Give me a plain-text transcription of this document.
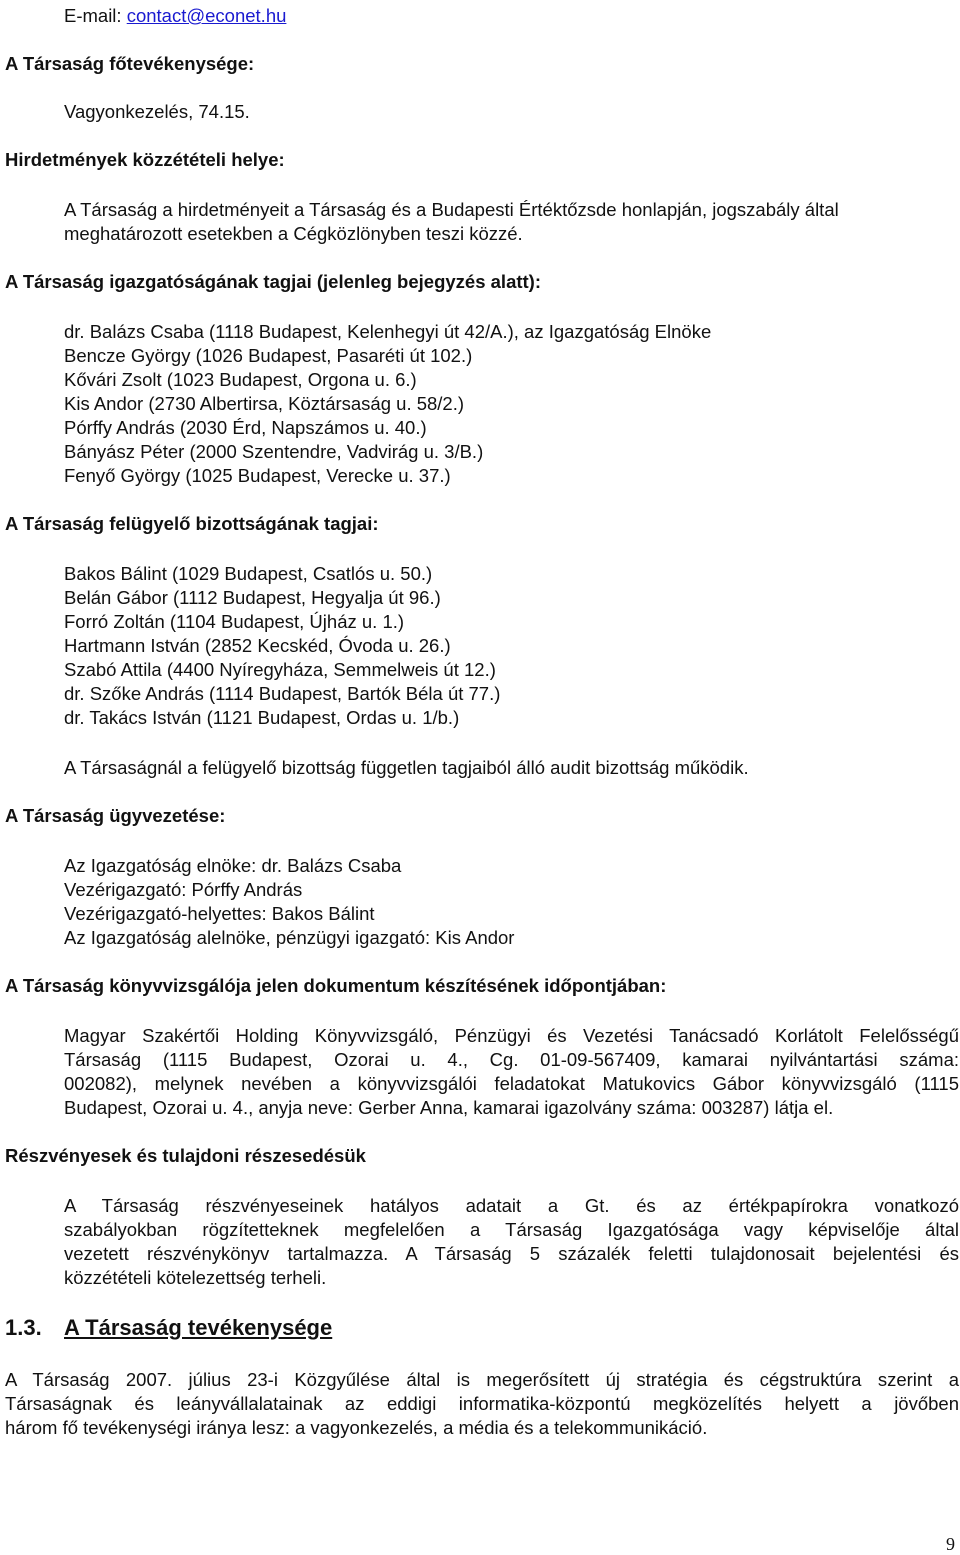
E-mail: contact@econet.hu
A Társaság főtevékenysége:
Vagyonkezelés, 74.15.
Hirdetmények közzétételi helye:
A Társaság a hirdetményeit a Társaság és a Budapesti Értéktőzsde honlapján, jogszabály által
meghatározott esetekben a Cégközlönyben teszi közzé.
A Társaság igazgatóságának tagjai (jelenleg bejegyzés alatt):
dr. Balázs Csaba (1118 Budapest, Kelenhegyi út 42/A.), az Igazgatóság Elnöke
Bencze György (1026 Budapest, Pasaréti út 102.)
Kővári Zsolt (1023 Budapest, Orgona u. 6.)
Kis Andor (2730 Albertirsa, Köztársaság u. 58/2.)
Pórffy András (2030 Érd, Napszámos u. 40.)
Bányász Péter (2000 Szentendre, Vadvirág u. 3/B.)
Fenyő György (1025 Budapest, Verecke u. 37.)
A Társaság felügyelő bizottságának tagjai:
Bakos Bálint (1029 Budapest, Csatlós u. 50.)
Belán Gábor (1112 Budapest, Hegyalja út 96.)
Forró Zoltán (1104 Budapest, Újház u. 1.)
Hartmann István (2852 Kecskéd, Óvoda u. 26.)
Szabó Attila (4400 Nyíregyháza, Semmelweis út 12.)
dr. Szőke András (1114 Budapest, Bartók Béla út 77.)
dr. Takács István (1121 Budapest, Ordas u. 1/b.)
A Társaságnál a felügyelő bizottság független tagjaiból álló audit bizottság működik.
A Társaság ügyvezetése:
Az Igazgatóság elnöke: dr. Balázs Csaba
Vezérigazgató: Pórffy András
Vezérigazgató-helyettes: Bakos Bálint
Az Igazgatóság alelnöke, pénzügyi igazgató: Kis Andor
A Társaság könyvvizsgálója jelen dokumentum készítésének időpontjában:
Magyar Szakértői Holding Könyvvizsgáló, Pénzügyi és Vezetési Tanácsadó Korlátolt Felelősségű
Társaság (1115 Budapest, Ozorai u. 4., Cg. 01-09-567409, kamarai nyilvántartási száma:
002082), melynek nevében a könyvvizsgálói feladatokat Matukovics Gábor könyvvizsgáló (1115
Budapest, Ozorai u. 4., anyja neve: Gerber Anna, kamarai igazolvány száma: 003287) látja el.
Részvényesek és tulajdoni részesedésük
A Társaság részvényeseinek hatályos adatait a Gt. és az értékpapírokra vonatkozó
szabályokban rögzítetteknek megfelelően a Társaság Igazgatósága vagy képviselője által
vezetett részvénykönyv tartalmazza. A Társaság 5 százalék feletti tulajdonosait bejelentési és
közzétételi kötelezettség terheli.
1.3. A Társaság tevékenysége
A Társaság 2007. július 23-i Közgyűlése által is megerősített új stratégia és cégstruktúra szerint a
Társaságnak és leányvállalatainak az eddigi informatika-központú megközelítés helyett a jövőben
három fő tevékenységi iránya lesz: a vagyonkezelés, a média és a telekommunikáció.
9
